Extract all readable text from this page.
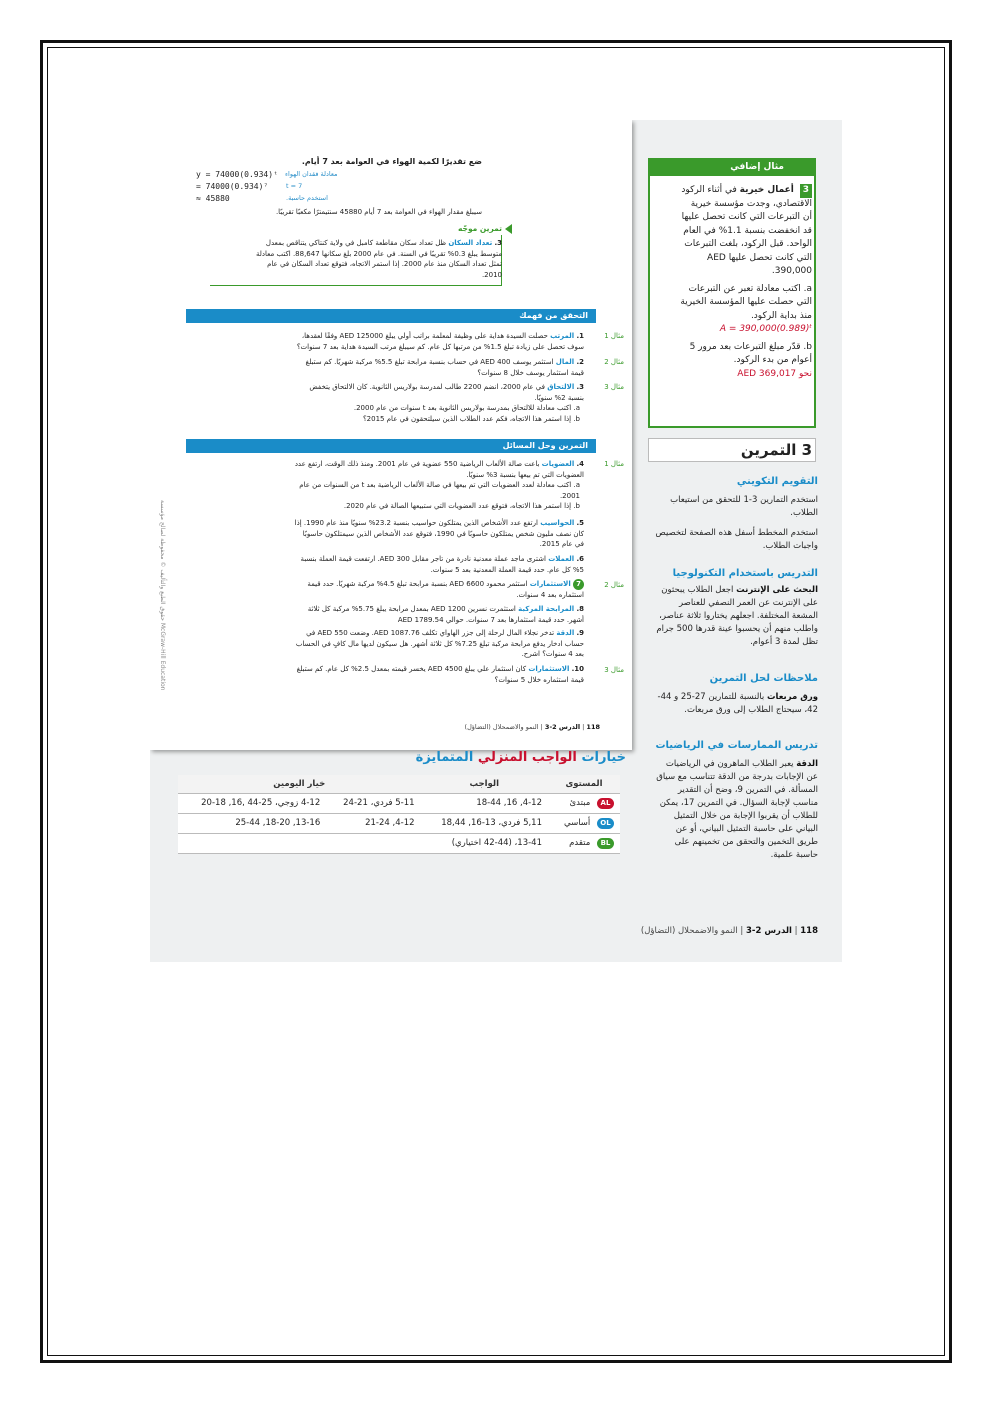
حقوق الطبع والتأليف © محفوظة لصالح مؤسسة McGraw-Hill Education
ضع تقديرًا لكمية الهواء في العوامة بعد 7 أيام.
y = 74000(0.934)ᵗ
= 74000(0.934)⁷
≈ 45880
معادلة فقدان الهواء
t = 7
استخدم حاسبة.
سيبلغ مقدار الهواء في العوامة بعد 7 أيام 45880 سنتيمترًا مكعبًا تقريبًا.
تمرين موجّه
3. تعداد السكان ظل تعداد سكان مقاطعة كامبل في ولاية كنتاكي يتناقص بمعدل متوسط يبلغ 0.3% تقريبًا في السنة. في عام 2000 بلغ سكانها 88,647. اكتب معادلة تمثل تعداد السكان منذ عام 2000. إذا استمر الاتجاه، فتوقع تعداد السكان في عام 2010.
التحقق من فهمك
مثال 1
1. المرتب حصلت السيدة هداية على وظيفة لمعلمة براتب أولي يبلغ AED 125000 وفقًا لعقدها، سوف تحصل على زيادة تبلغ 1.5% من مرتبها كل عام. كم سيبلغ مرتب السيدة هداية بعد 7 سنوات؟
مثال 2
2. المال استثمر يوسف AED 400 في حساب بنسبة مرابحة تبلغ 5.5% مركبة شهريًا. كم ستبلغ قيمة استثمار يوسف خلال 8 سنوات؟
مثال 3
3. الالتحاق في عام 2000، انضم 2200 طالب لمدرسة بولاريس الثانوية. كان الالتحاق يتخفض بنسبة 2% سنويًا.
a. اكتب معادلة للالتحاق بمدرسة بولاريس الثانوية بعد t سنوات من عام 2000.
b. إذا استمر هذا الاتجاه، فكم عدد الطلاب الذين سيلتحقون في عام 2015؟
التمرين وحل المسائل
مثال 1
4. العضويات باعت صالة الألعاب الرياضية 550 عضوية في عام 2001. ومنذ ذلك الوقت، ارتفع عدد العضويات التي تم بيعها بنسبة 3% سنويًا.
a. اكتب معادلة لعدد العضويات التي تم بيعها في صالة الألعاب الرياضية بعد t من السنوات من عام 2001.
b. إذا استمر هذا الاتجاه، فتوقع عدد العضويات التي ستبيعها الصالة في عام 2020.
5. الحواسيب ارتفع عدد الأشخاص الذين يمتلكون حواسيب بنسبة 23.2% سنويًا منذ عام 1990. إذا كان نصف مليون شخص يمتلكون حاسوبًا في 1990، فتوقع عدد الأشخاص الذين سيمتلكون حاسوبًا في عام 2015.
6. العملات اشترى ماجد عملة معدنية نادرة من تاجر مقابل AED 300. ارتفعت قيمة العملة بنسبة 5% كل عام. حدد قيمة العملة المعدنية بعد 5 سنوات.
مثال 2
7 الاستثمارات استثمر محمود AED 6600 بنسبة مرابحة تبلغ 4.5% مركبة شهريًا. حدد قيمة استثماره بعد 4 سنوات.
8. المرابحة المركبة استثمرت نسرين AED 1200 بمعدل مرابحة يبلغ 5.75% مركبة كل ثلاثة أشهر. حدد قيمة استثمارها بعد 7 سنوات. حوالي AED 1789.54
9. الدقة تدخر نجلاء المال لرحلة إلى جزر الهاواي تكلف AED 1087.76. وضعت AED 550 في حساب ادخار يدفع مرابحة مركبة تبلغ 7.25% كل ثلاثة أشهر. هل سيكون لديها مال كافٍ في الحساب بعد 4 سنوات؟ اشرح.
مثال 3
10. الاستثمارات كان استثمار علي يبلغ AED 4500 يخسر قيمته بمعدل 2.5% كل عام. كم ستبلغ قيمة استثماره خلال 5 سنوات؟
118 | الدرس 2-3 | النمو والاضمحلال (التضاؤل)
مثال إضافي
3 أعمال خيرية في أثناء الركود الاقتصادي، وجدت مؤسسة خيرية أن التبرعات التي كانت تحصل عليها قد انخفضت بنسبة 1.1% في العام الواحد. قبل الركود، بلغت التبرعات التي كانت تحصل عليها AED 390,000.
a. اكتب معادلة تعبر عن التبرعات التي حصلت عليها المؤسسة الخيرية منذ بداية الركود.
A = 390,000(0.989)ᵗ
b. قدّر مبلغ التبرعات بعد مرور 5 أعوام من بدء الركود.
نحو AED 369,017
3 التمرين
التقويم التكويني
استخدم التمارين 3-1 للتحقق من استيعاب الطلاب.
استخدم المخطط أسفل هذه الصفحة لتخصيص واجبات الطلاب.
التدريس باستخدام التكنولوجيا
البحث على الإنترنت اجعل الطلاب يبحثون على الإنترنت عن العمر النصفي للعناصر المشعة المختلفة. اجعلهم يختاروا ثلاثة عناصر، واطلب منهم أن يحسبوا عينة قدرها 500 جرام تظل لمدة 3 أعوام.
ملاحظات لحل التمرين
ورق مربعات بالنسبة للتمارين 27-25 و 44-42، سيحتاج الطلاب إلى ورق مربعات.
تدريس الممارسات في الرياضيات
الدقة يعبر الطلاب الماهرون في الرياضيات عن الإجابات بدرجة من الدقة تتناسب مع سياق المسألة. في التمرين 9، وضح أن التقدير مناسب لإجابة السؤال. في التمرين 17، يمكن للطلاب أن يقربوا الإجابة من خلال التمثيل البياني على حاسبة التمثيل البياني، أو عن طريق التخمين والتحقق من تخمينهم على حاسبة علمية.
خيارات الواجب المنزلي المتمايزة
المستوى	الواجب	خيار اليومين	
AL مبتدئ	4-12, 16, 18-44	5-11 فردي، 21-24	4-12 زوجي، 25-44 ,16, 18-20
OL أساسي	5,11 فردي، 13-16, 18,44	4-12, 21-24	13-16, 18-20, 25-44
BL متقدم	13-41، (42-44 اختياري)		
118 | الدرس 2-3 | النمو والاضمحلال (التضاؤل)
